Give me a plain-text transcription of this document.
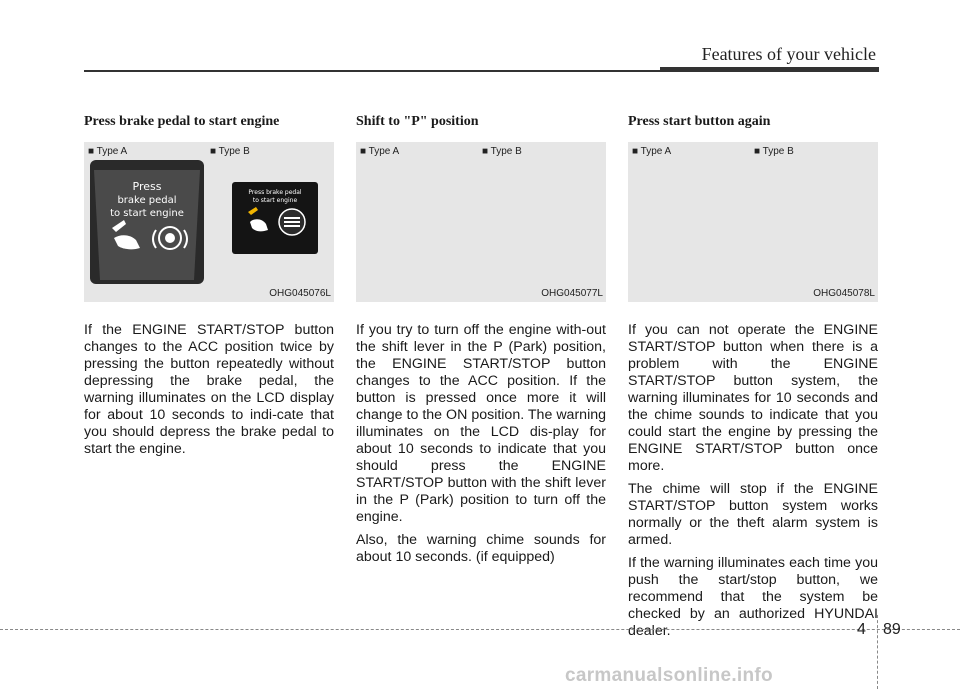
Features of your vehicle
Press brake pedal to start engine
■ Type A	■ Type B
Press
brake pedal
to start engine
Press brake pedal
to start engine
OHG045076L

If the ENGINE START/STOP button changes to the ACC position twice by pressing the button repeatedly without depressing the brake pedal, the warning illuminates on the LCD display for about 10 seconds to indi-cate that you should depress the brake pedal to start the engine.

Shift to "P" position
■ Type A	■ Type B
OHG045077L

If you try to turn off the engine with-out the shift lever in the P (Park) position, the ENGINE START/STOP button changes to the ACC position. If the button is pressed once more it will change to the ON position. The warning illuminates on the LCD dis-play for about 10 seconds to indicate that you should press the ENGINE START/STOP button with the shift lever in the P (Park) position to turn off the engine.

Also, the warning chime sounds for about 10 seconds. (if equipped)

Press start button again
■ Type A	■ Type B
OHG045078L

If you can not operate the ENGINE START/STOP button when there is a problem with the ENGINE START/STOP button system, the warning illuminates for 10 seconds and the chime sounds to indicate that you could start the engine by pressing the ENGINE START/STOP button once more.

The chime will stop if the ENGINE START/STOP button system works normally or the theft alarm system is armed.

If the warning illuminates each time you push the start/stop button, we recommend that the system be checked by an authorized HYUNDAI dealer.	4 89
carmanualsonline.info
